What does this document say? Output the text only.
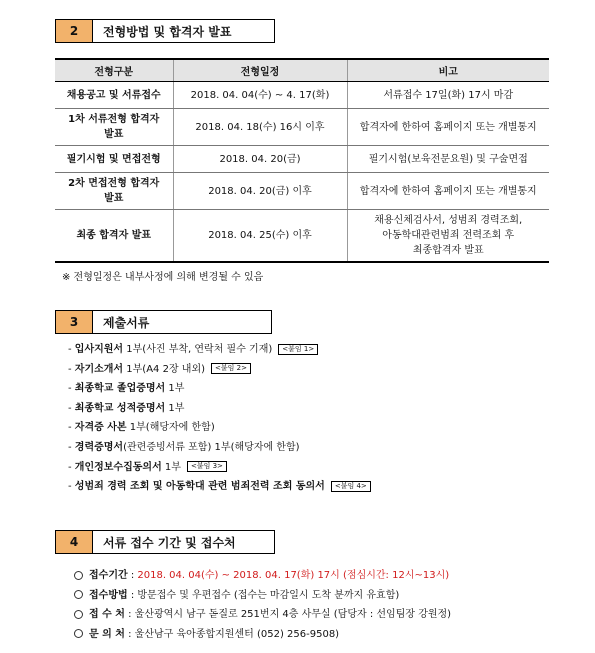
2	전형방법 및 합격자 발표
전형구분	전형일정	비고

채용공고 및 서류접수	2018. 04. 04(수) ~ 4. 17(화)	서류접수 17일(화) 17시 마감

1차 서류전형 합격자
발표	2018. 04. 18(수) 16시 이후	합격자에 한하여 홈페이지 또는 개별통지

필기시험 및 면접전형	2018. 04. 20(금)	필기시험(보육전문요원) 및 구술면접

2차 면접전형 합격자
발표	2018. 04. 20(금) 이후	합격자에 한하여 홈페이지 또는 개별통지

최종 합격자 발표	2018. 04. 25(수) 이후	채용신체검사서, 성범죄 경력조회,
아동학대관련범죄 전력조회 후
최종합격자 발표
※ 전형일정은 내부사정에 의해 변경될 수 있음
3	제출서류
- 입사지원서 1부(사진 부착, 연락처 필수 기재) <붙임 1>
- 자기소개서 1부(A4 2장 내외) <붙임 2>
- 최종학교 졸업증명서 1부
- 최종학교 성적증명서 1부
- 자격증 사본 1부(해당자에 한함)
- 경력증명서(관련증빙서류 포함) 1부(해당자에 한함)
- 개인정보수집동의서 1부 <붙임 3>
- 성범죄 경력 조회 및 아동학대 관련 범죄전력 조회 동의서 <붙임 4>
4	서류 접수 기간 및 접수처
접수기간 : 2018. 04. 04(수) ~ 2018. 04. 17(화) 17시 (점심시간: 12시~13시)
접수방법 : 방문접수 및 우편접수 (접수는 마감일시 도착 분까지 유효함)
접 수 처 : 울산광역시 남구 돋질로 251번지 4층 사무실 (담당자 : 선임팀장 강원정)
문 의 처 : 울산남구 육아종합지원센터 (052) 256-9508)
